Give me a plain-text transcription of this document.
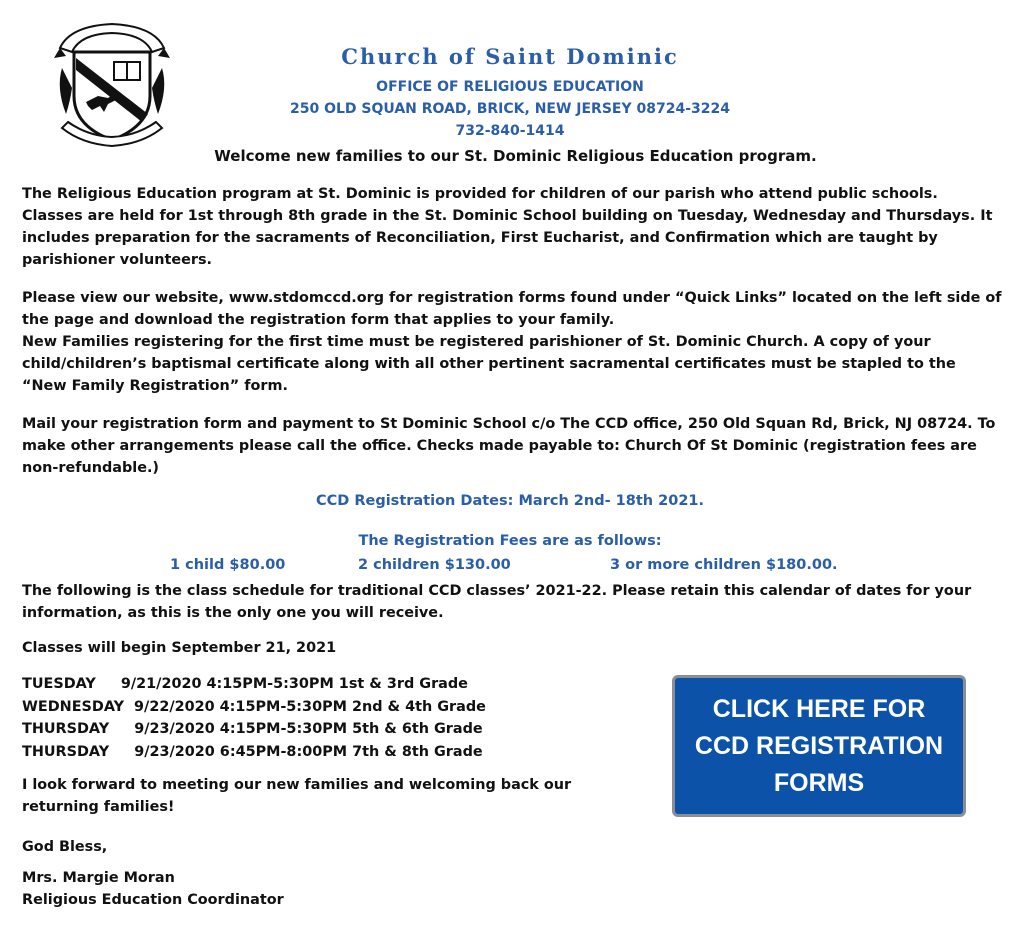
Church of Saint Dominic
OFFICE OF RELIGIOUS EDUCATION
250 OLD SQUAN ROAD, BRICK, NEW JERSEY 08724-3224
732-840-1414
Welcome new families to our St. Dominic Religious Education program.

The Religious Education program at St. Dominic is provided for children of our parish who attend public schools. Classes are held for 1st through 8th grade in the St. Dominic School building on Tuesday, Wednesday and Thursdays. It includes preparation for the sacraments of Reconciliation, First Eucharist, and Confirmation which are taught by parishioner volunteers.

Please view our website, www.stdomccd.org for registration forms found under “Quick Links” located on the left side of the page and download the registration form that applies to your family.

New Families registering for the first time must be registered parishioner of St. Dominic Church. A copy of your child/children’s baptismal certificate along with all other pertinent sacramental certificates must be stapled to the “New Family Registration” form.

Mail your registration form and payment to St Dominic School c/o The CCD office, 250 Old Squan Rd, Brick, NJ 08724. To make other arrangements please call the office. Checks made payable to: Church Of St Dominic (registration fees are non-refundable.)

CCD Registration Dates: March 2nd- 18th 2021.
The Registration Fees are as follows:
1 child $80.00	2 children $130.00	3 or more children $180.00.

The following is the class schedule for traditional CCD classes’ 2021-22. Please retain this calendar of dates for your information, as this is the only one you will receive.

Classes will begin September 21, 2021

TUESDAY
9/21/2020 4:15PM-5:30PM 1st & 3rd Grade
WEDNESDAY
9/22/2020 4:15PM-5:30PM 2nd & 4th Grade
THURSDAY
9/23/2020 4:15PM-5:30PM 5th & 6th Grade
THURSDAY
9/23/2020 6:45PM-8:00PM 7th & 8th Grade

I look forward to meeting our new families and welcoming back our returning families!

God Bless,

Mrs. Margie Moran

Religious Education Coordinator

CLICK HERE FOR
CCD REGISTRATION
FORMS
